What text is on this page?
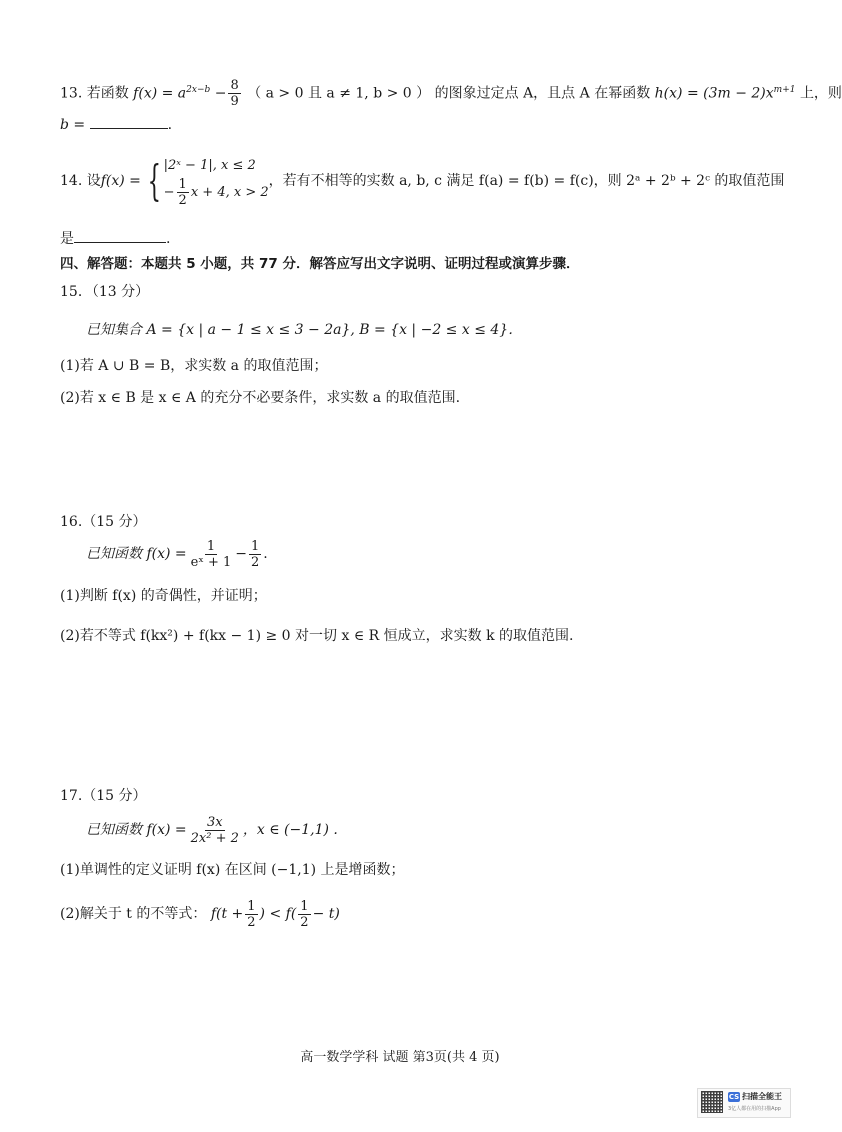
13. 若函数 $f(x) = a^{2x-b} - \frac{8}{9}$ （ a > 0 且 a ≠ 1, b > 0 ） 的图象过定点 A，且点 A 在幂函数 $h(x) = (3m - 2)x^{m+1}$ 上，则
b =	.
14.
设 f(x) = { |2ˣ − 1|, x ≤ 2
− $\frac{1}{2}$ x + 4, x > 2
，若有不相等的实数 a, b, c 满足 f(a) = f(b) = f(c)，则 2ᵃ + 2ᵇ + 2ᶜ 的取值范围
是	.
四、解答题：本题共 5 小题，共 77 分．解答应写出文字说明、证明过程或演算步骤．
15．（13 分）
已知集合 A = {x | a − 1 ≤ x ≤ 3 − 2a}, B = {x | −2 ≤ x ≤ 4}．
(1)若 A ∪ B = B，求实数 a 的取值范围；
(2)若 x ∈ B 是 x ∈ A 的充分不必要条件，求实数 a 的取值范围.
16.（15 分）
已知函数 $f(x) = \frac{1}{\text{eˣ + 1}} - \frac{1}{2}$ .
(1)判断 f(x) 的奇偶性，并证明；
(2)若不等式 f(kx²) + f(kx − 1) ≥ 0 对一切 x ∈ R 恒成立，求实数 k 的取值范围.
17.（15 分）
已知函数 $f(x) = \frac{3x}{\text{2x² + 2}}$ ，x ∈ (−1,1) .
(1)单调性的定义证明 f(x) 在区间 (−1,1) 上是增函数；
(2)解关于 t 的不等式：
$f(t + \frac{1}{2}$ ) < $f( \frac{1}{2} - t)$
高一数学学科 试题 第3页(共 4 页)
CS 扫描全能王
3亿人都在用的扫描App
